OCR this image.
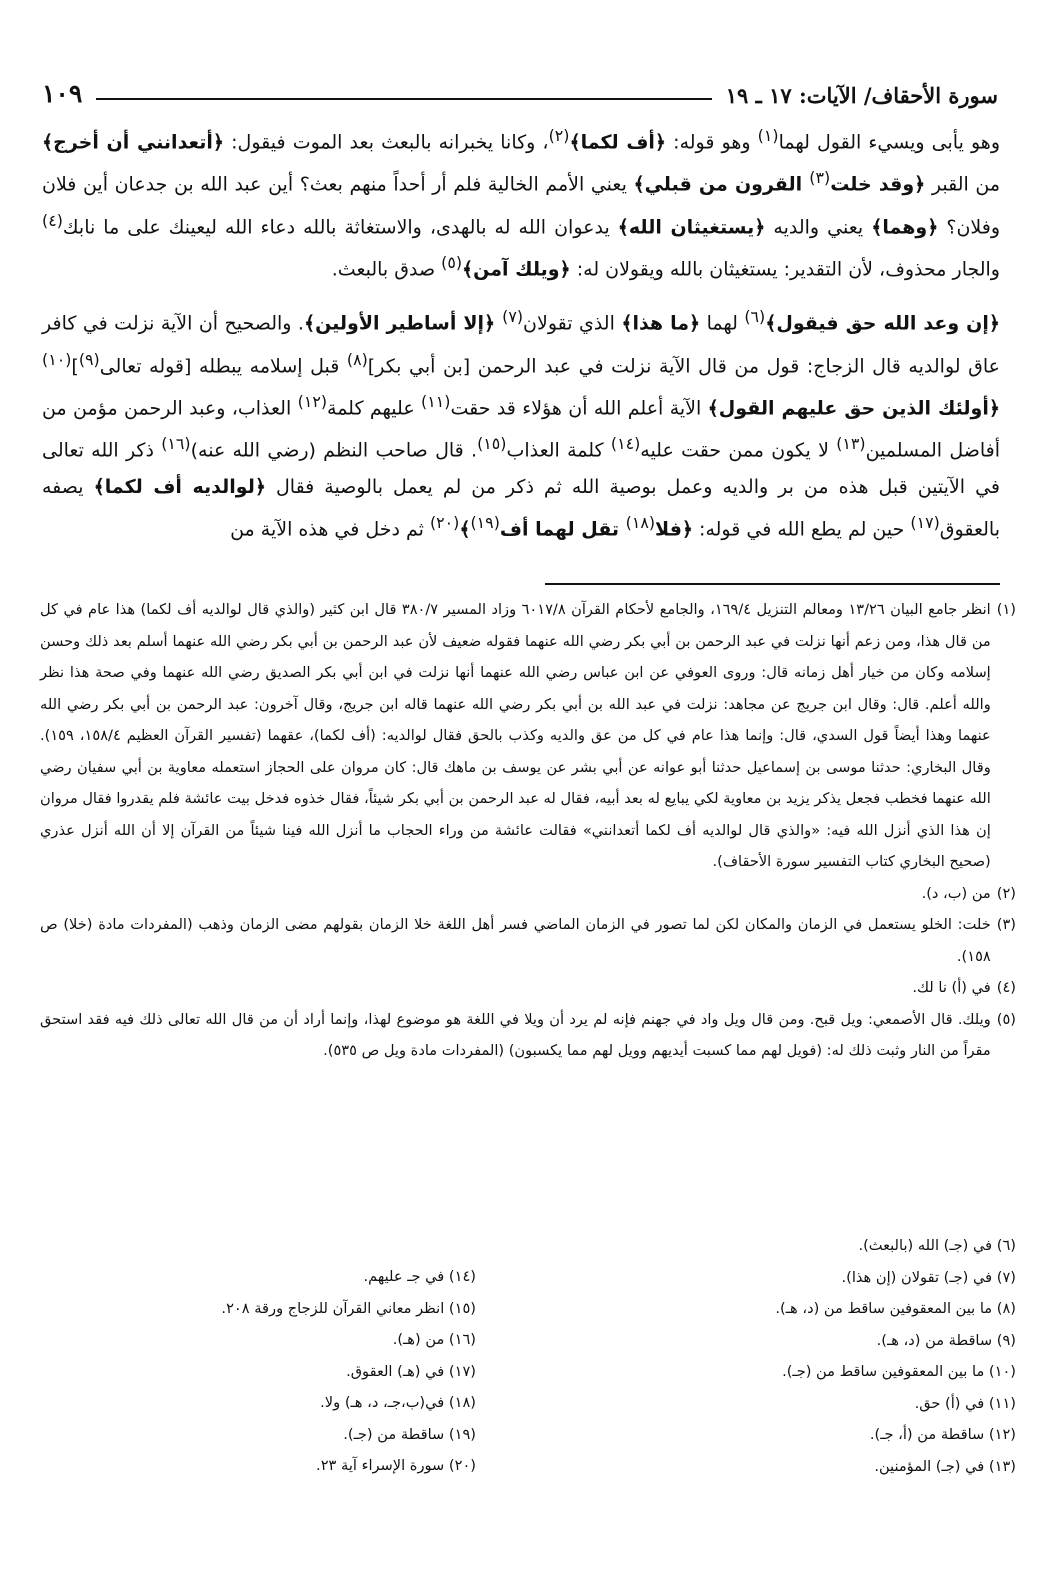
سورة الأحقاف/ الآيات: ١٧ ـ ١٩
١٠٩

وهو يأبى ويسيء القول لهما$^{(١)}$ وهو قوله: ﴿أف لكما﴾$^{(٢)}$، وكانا يخبرانه بالبعث بعد الموت فيقول: ﴿أتعدانني أن أخرج﴾ من القبر ﴿وقد خلت$^{(٣)}$ القرون من قبلي﴾ يعني الأمم الخالية فلم أر أحداً منهم بعث؟ أين عبد الله بن جدعان أين فلان وفلان؟ ﴿وهما﴾ يعني والديه ﴿يستغيثان الله﴾ يدعوان الله له بالهدى، والاستغاثة بالله دعاء الله ليعينك على ما نابك$^{(٤)}$ والجار محذوف، لأن التقدير: يستغيثان بالله ويقولان له: ﴿ويلك آمن﴾$^{(٥)}$ صدق بالبعث.

﴿إن وعد الله حق فيقول﴾$^{(٦)}$ لهما ﴿ما هذا﴾ الذي تقولان$^{(٧)}$ ﴿إلا أساطير الأولين﴾. والصحيح أن الآية نزلت في كافر عاق لوالديه قال الزجاج: قول من قال الآية نزلت في عبد الرحمن [بن أبي بكر]$^{(٨)}$ قبل إسلامه يبطله [قوله تعالى$^{(٩)}$]$^{(١٠)}$﴿أولئك الذين حق عليهم القول﴾ الآية أعلم الله أن هؤلاء قد حقت$^{(١١)}$ عليهم كلمة$^{(١٢)}$ العذاب، وعبد الرحمن مؤمن من أفاضل المسلمين$^{(١٣)}$ لا يكون ممن حقت عليه$^{(١٤)}$ كلمة العذاب$^{(١٥)}$. قال صاحب النظم (رضي الله عنه)$^{(١٦)}$ ذكر الله تعالى في الآيتين قبل هذه من بر والديه وعمل بوصية الله ثم ذكر من لم يعمل بالوصية فقال ﴿لوالديه أف لكما﴾ يصفه بالعقوق$^{(١٧)}$ حين لم يطع الله في قوله: ﴿فلا$^{(١٨)}$ تقل لهما أف$^{(١٩)}$﴾$^{(٢٠)}$ ثم دخل في هذه الآية من

(١)
انظر جامع البيان ١٣/٢٦ ومعالم التنزيل ١٦٩/٤، والجامع لأحكام القرآن ٦٠١٧/٨ وزاد المسير ٣٨٠/٧ قال ابن كثير (والذي قال لوالديه أف لكما) هذا عام في كل من قال هذا، ومن زعم أنها نزلت في عبد الرحمن بن أبي بكر رضي الله عنهما فقوله ضعيف لأن عبد الرحمن بن أبي بكر رضي الله عنهما أسلم بعد ذلك وحسن إسلامه وكان من خيار أهل زمانه قال: وروى العوفي عن ابن عباس رضي الله عنهما أنها نزلت في ابن أبي بكر الصديق رضي الله عنهما وفي صحة هذا نظر والله أعلم. قال: وقال ابن جريج عن مجاهد: نزلت في عبد الله بن أبي بكر رضي الله عنهما قاله ابن جريج، وقال آخرون: عبد الرحمن بن أبي بكر رضي الله عنهما وهذا أيضاً قول السدي، قال: وإنما هذا عام في كل من عق والديه وكذب بالحق فقال لوالديه: (أف لكما)، عقهما (تفسير القرآن العظيم ١٥٨/٤، ١٥٩). وقال البخاري: حدثنا موسى بن إسماعيل حدثنا أبو عوانه عن أبي بشر عن يوسف بن ماهك قال: كان مروان على الحجاز استعمله معاوية بن أبي سفيان رضي الله عنهما فخطب فجعل يذكر يزيد بن معاوية لكي يبايع له بعد أبيه، فقال له عبد الرحمن بن أبي بكر شيئاً، فقال خذوه فدخل بيت عائشة فلم يقدروا فقال مروان إن هذا الذي أنزل الله فيه: «والذي قال لوالديه أف لكما أتعدانني» فقالت عائشة من وراء الحجاب ما أنزل الله فينا شيئاً من القرآن إلا أن الله أنزل عذري (صحيح البخاري كتاب التفسير سورة الأحقاف).
(٢)
من (ب، د).
(٣)
خلت: الخلو يستعمل في الزمان والمكان لكن لما تصور في الزمان الماضي فسر أهل اللغة خلا الزمان بقولهم مضى الزمان وذهب (المفردات مادة (خلا) ص ١٥٨).
(٤)
في (أ) نا لك.
(٥)
ويلك. قال الأصمعي: ويل قبح. ومن قال ويل واد في جهنم فإنه لم يرد أن ويلا في اللغة هو موضوع لهذا، وإنما أراد أن من قال الله تعالى ذلك فيه فقد استحق مقراً من النار وثبت ذلك له: (فويل لهم مما كسبت أيديهم وويل لهم مما يكسبون) (المفردات مادة ويل ص ٥٣٥).
(٦) في (جـ) الله (بالبعث).
(٧) في (جـ) تقولان (إن هذا).
(٨) ما بين المعقوفين ساقط من (د، هـ).
(٩) ساقطة من (د، هـ).
(١٠) ما بين المعقوفين ساقط من (جـ).
(١١) في (أ) حق.
(١٢) ساقطة من (أ، جـ).
(١٣) في (جـ) المؤمنين.
(١٤) في جـ عليهم.
(١٥) انظر معاني القرآن للزجاج ورقة ٢٠٨.
(١٦) من (هـ).
(١٧) في (هـ) العقوق.
(١٨) في(ب،جـ، د، هـ) ولا.
(١٩) ساقطة من (جـ).
(٢٠) سورة الإسراء آية ٢٣.
